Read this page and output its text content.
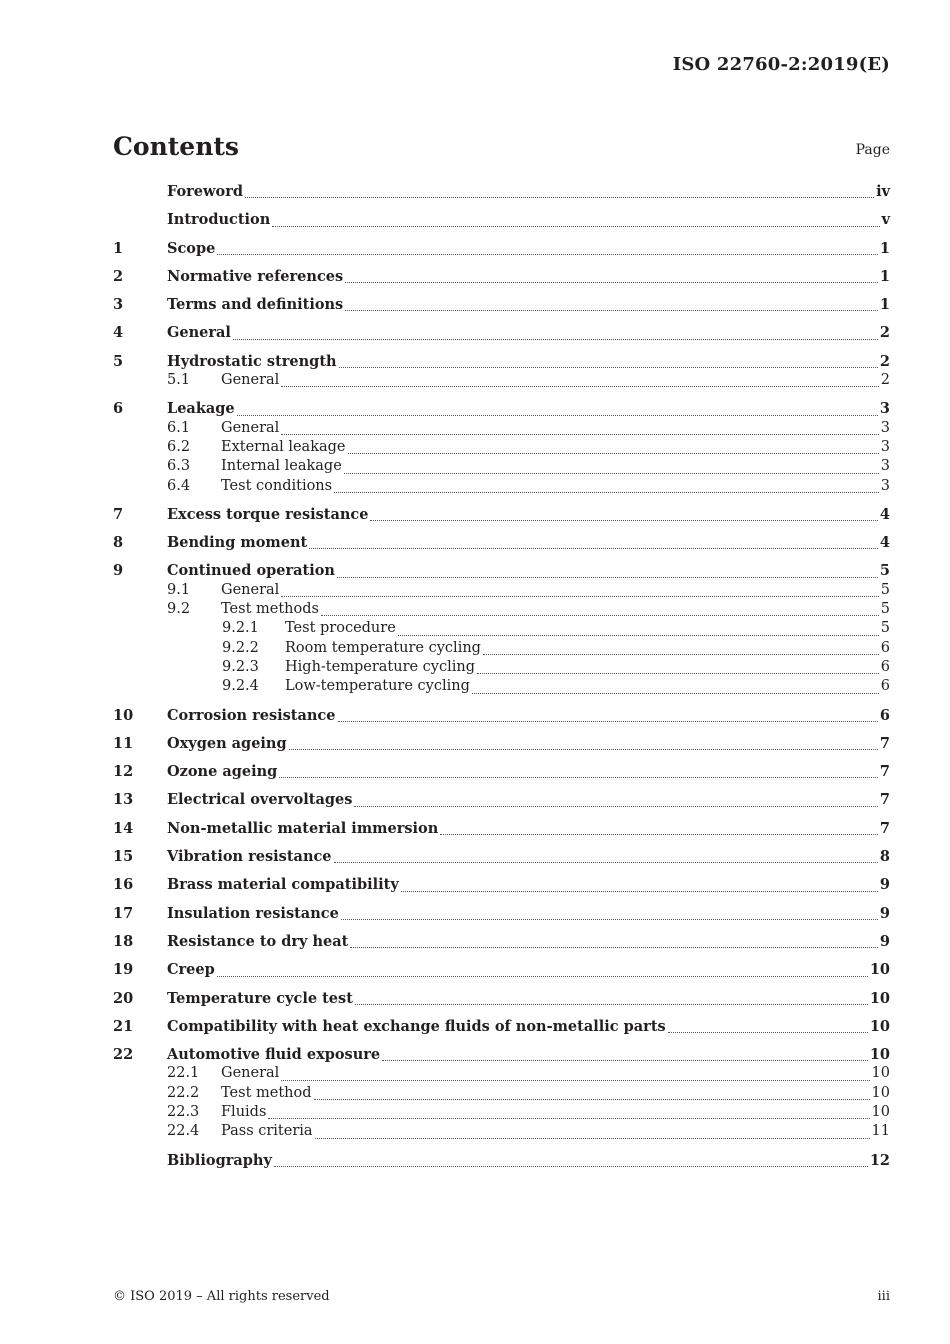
ISO 22760-2:2019(E)
Contents	Page
Foreword	iv
Introduction	v
1	Scope	1
2	Normative references	1
3	Terms and definitions	1
4	General	2
5	Hydrostatic strength	2
5.1	General	2
6	Leakage	3
6.1	General	3
6.2	External leakage	3
6.3	Internal leakage	3
6.4	Test conditions	3
7	Excess torque resistance	4
8	Bending moment	4
9	Continued operation	5
9.1	General	5
9.2	Test methods	5
9.2.1	Test procedure	5
9.2.2	Room temperature cycling	6
9.2.3	High-temperature cycling	6
9.2.4	Low-temperature cycling	6
10	Corrosion resistance	6
11	Oxygen ageing	7
12	Ozone ageing	7
13	Electrical overvoltages	7
14	Non-metallic material immersion	7
15	Vibration resistance	8
16	Brass material compatibility	9
17	Insulation resistance	9
18	Resistance to dry heat	9
19	Creep	10
20	Temperature cycle test	10
21	Compatibility with heat exchange fluids of non-metallic parts	10
22	Automotive fluid exposure	10
22.1	General	10
22.2	Test method	10
22.3	Fluids	10
22.4	Pass criteria	11
Bibliography	12
© ISO 2019 – All rights reserved	iii
